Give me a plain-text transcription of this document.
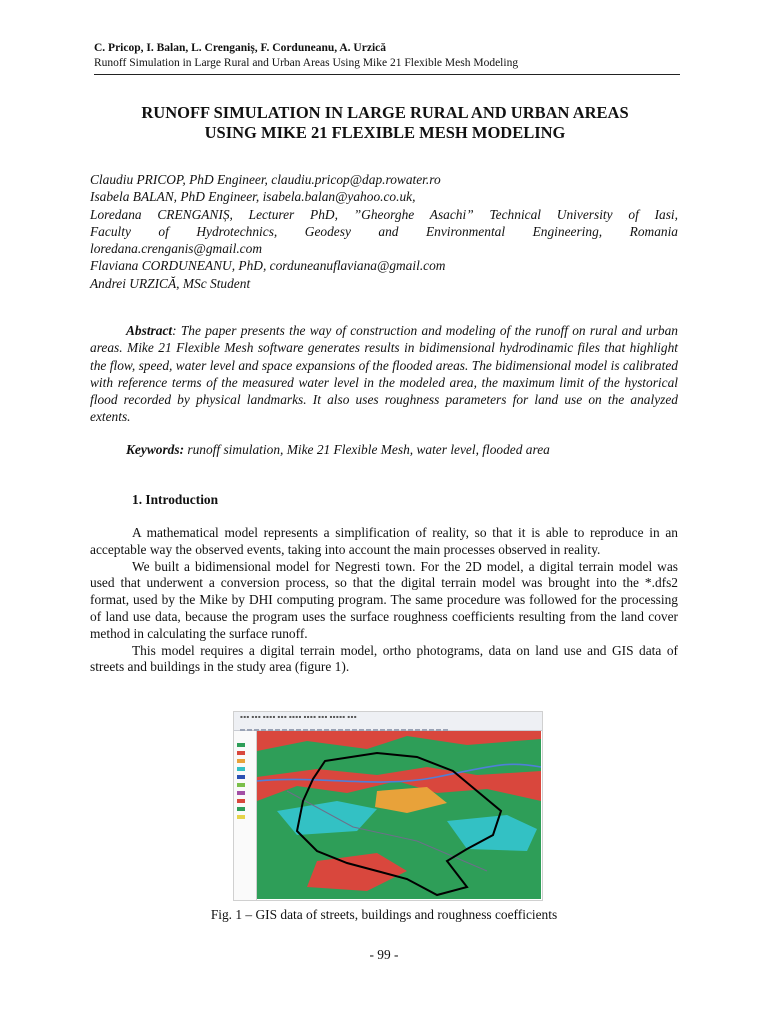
C. Pricop, I. Balan, L. Crenganiș, F. Corduneanu, A. Urzică
Runoff Simulation in Large Rural and Urban Areas Using Mike 21 Flexible Mesh Modeling
RUNOFF SIMULATION IN LARGE RURAL AND URBAN AREAS
USING MIKE 21 FLEXIBLE MESH MODELING
Claudiu PRICOP, PhD Engineer, claudiu.pricop@dap.rowater.ro
Isabela BALAN, PhD Engineer, isabela.balan@yahoo.co.uk,
Loredana CRENGANIȘ, Lecturer PhD, ”Gheorghe Asachi” Technical University of Iasi,
Faculty of Hydrotechnics, Geodesy and Environmental Engineering, Romania
loredana.crenganis@gmail.com
Flaviana CORDUNEANU, PhD, corduneanuflaviana@gmail.com
Andrei URZICĂ, MSc Student
Abstract: The paper presents the way of construction and modeling of the runoff on rural and urban areas. Mike 21 Flexible Mesh software generates results in bidimensional hydrodinamic files that highlight the flow, speed, water level and space expansions of the flooded areas. The bidimensional model is calibrated with reference terms of the measured water level in the modeled area, the maximum limit of the hystorical flood recorded by physical landmarks. It also uses roughness parameters for land use on the analyzed extents.
Keywords: runoff simulation, Mike 21 Flexible Mesh, water level, flooded area
1. Introduction

A mathematical model represents a simplification of reality, so that it is able to reproduce in an acceptable way the observed events, taking into account the main processes observed in reality.

We built a bidimensional model for Negresti town. For the 2D model, a digital terrain model was used that underwent a conversion process, so that the digital terrain model was brought into the *.dfs2 format, used by the Mike by DHI computing program. The same procedure was followed for the processing of land use data, because the program uses the surface roughness coefficients resulting from the land cover method in calculating the surface runoff.

This model requires a digital terrain model, ortho photograms, data on land use and GIS data of streets and buildings in the study area (figure 1).

▪▪▪ ▪▪▪ ▪▪▪▪ ▪▪▪ ▪▪▪▪ ▪▪▪▪ ▪▪▪ ▪▪▪▪▪ ▪▪▪
Fig. 1 – GIS data of streets, buildings and roughness coefficients
- 99 -
